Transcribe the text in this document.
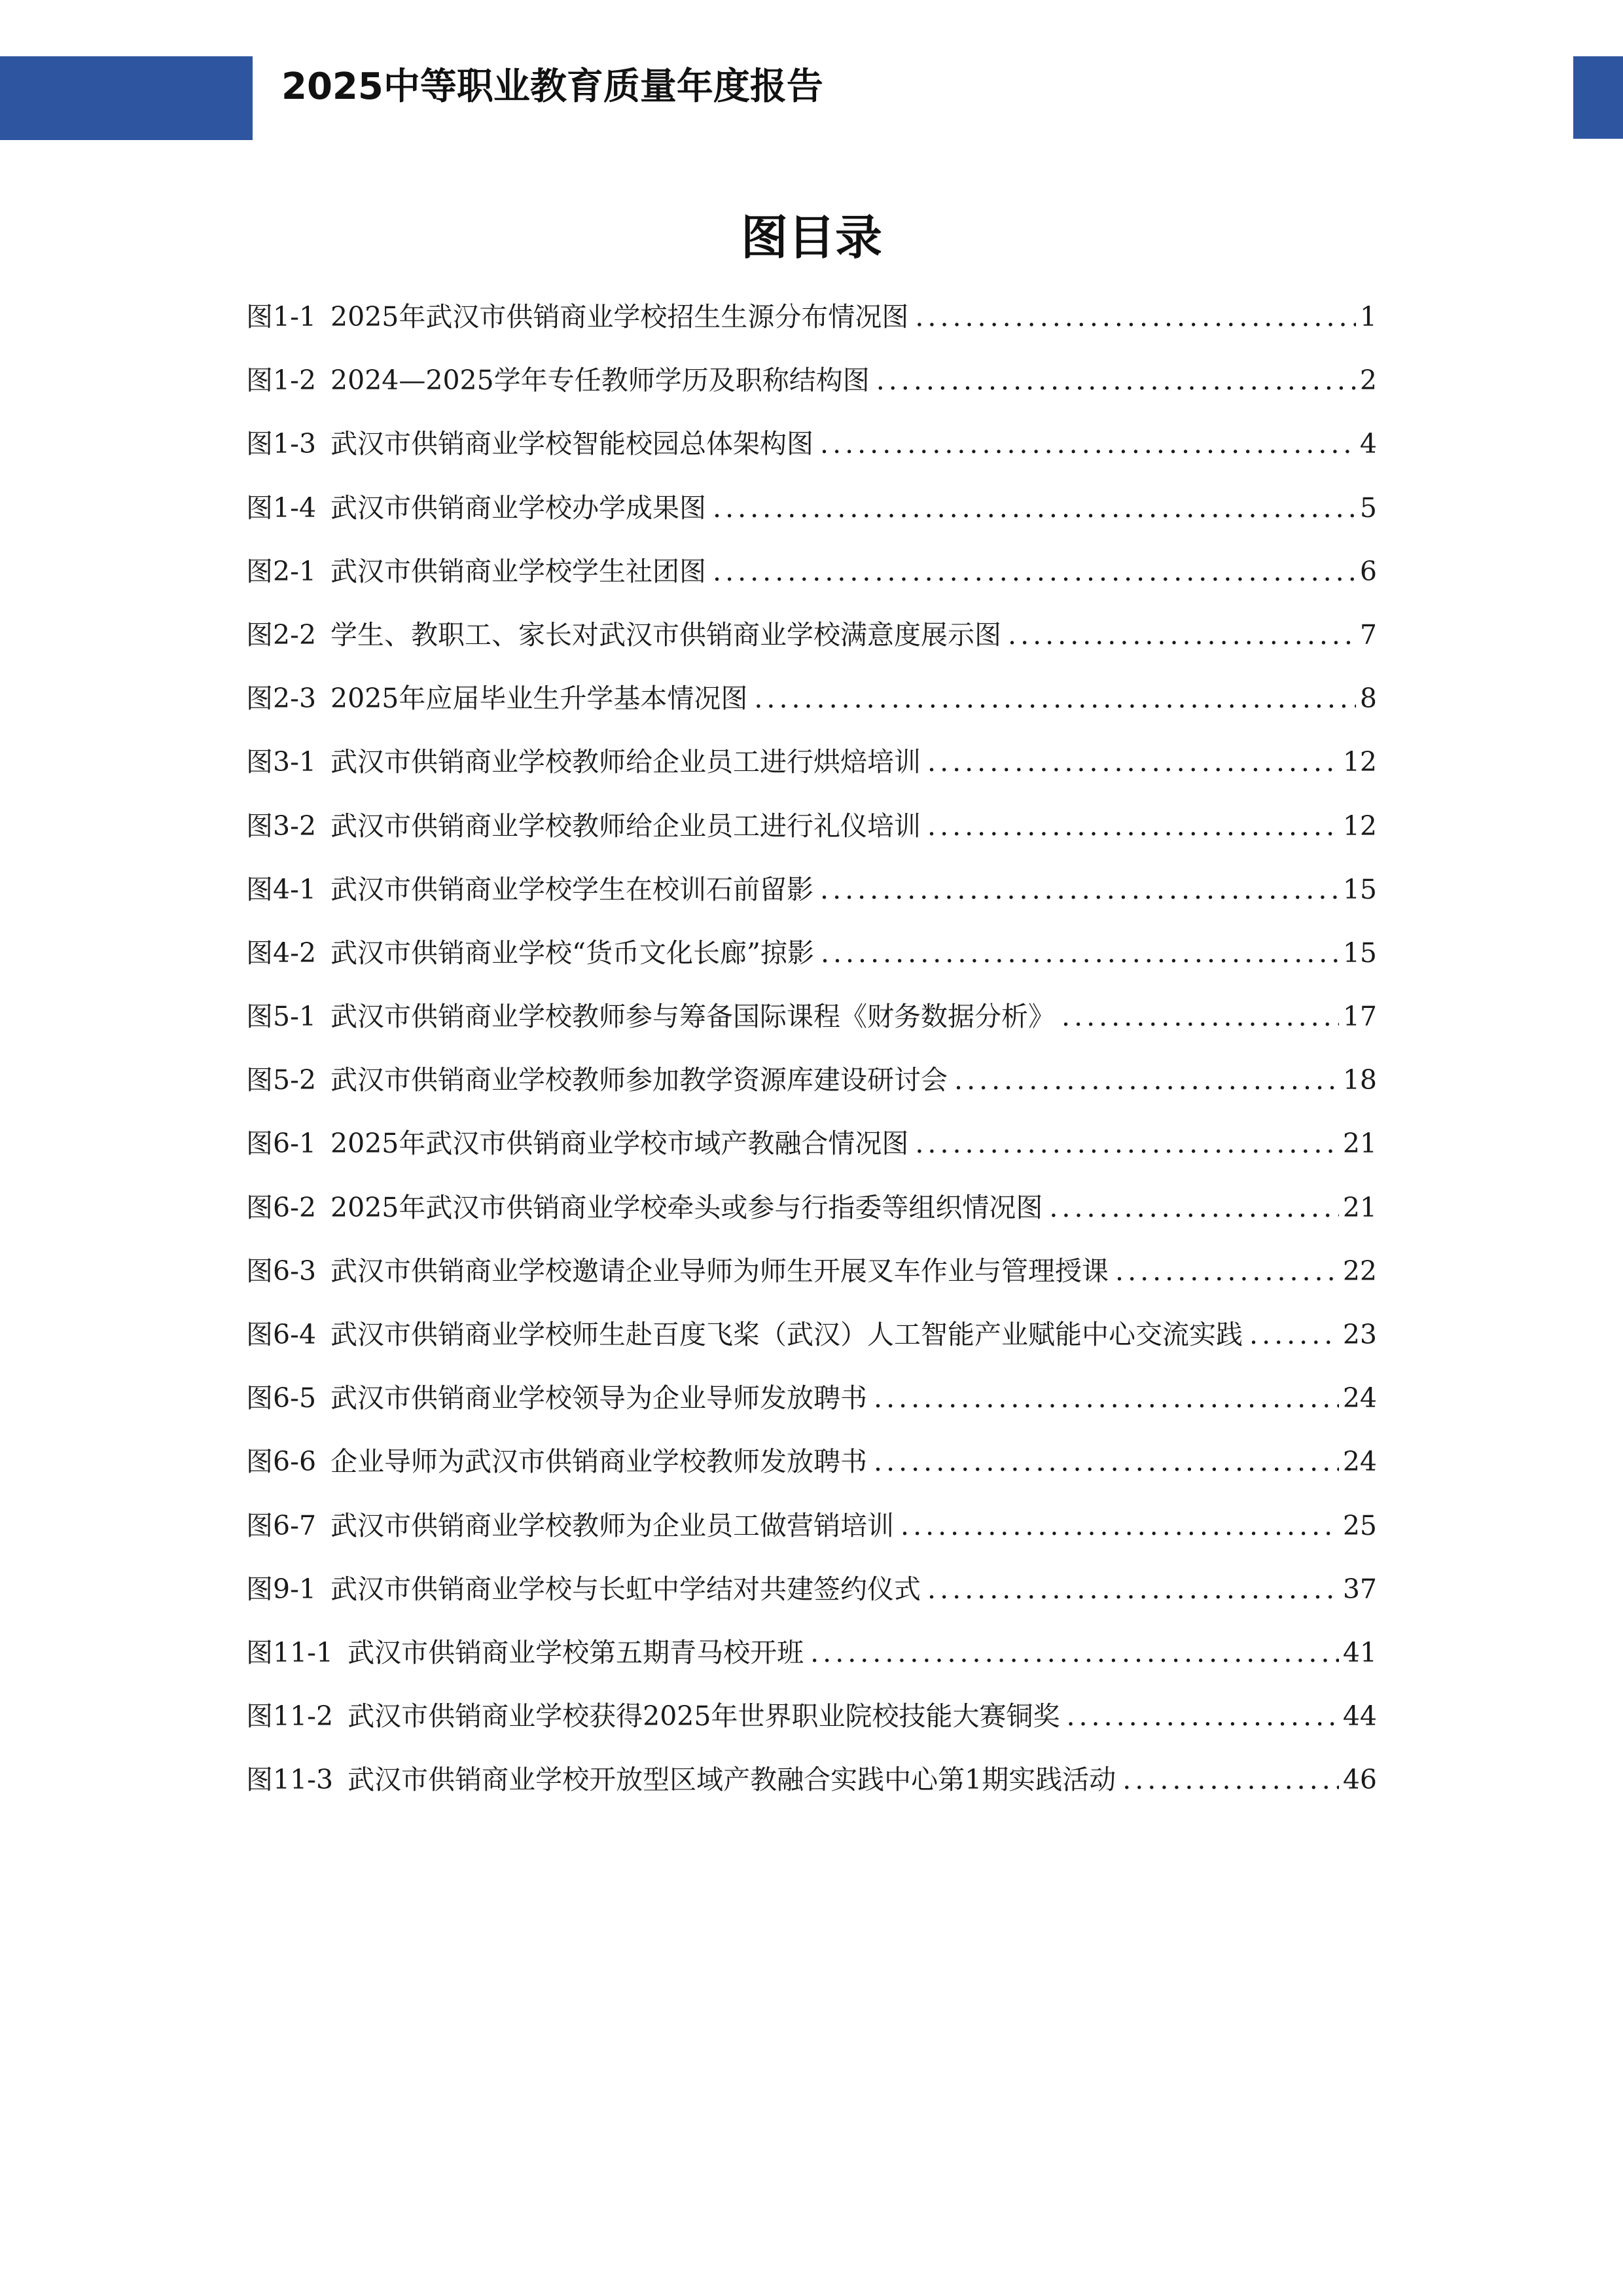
2025中等职业教育质量年度报告
图目录
图1-1 2025年武汉市供销商业学校招生生源分布情况图 .....	1
图1-2 2024—2025学年专任教师学历及职称结构图 .....	2
图1-3 武汉市供销商业学校智能校园总体架构图 .....	4
图1-4 武汉市供销商业学校办学成果图 .....	5
图2-1 武汉市供销商业学校学生社团图 .....	6
图2-2 学生、教职工、家长对武汉市供销商业学校满意度展示图 .....	7
图2-3 2025年应届毕业生升学基本情况图 .....	8
图3-1 武汉市供销商业学校教师给企业员工进行烘焙培训 .....	12
图3-2 武汉市供销商业学校教师给企业员工进行礼仪培训 .....	12
图4-1 武汉市供销商业学校学生在校训石前留影 .....	15
图4-2 武汉市供销商业学校“货币文化长廊”掠影 .....	15
图5-1 武汉市供销商业学校教师参与筹备国际课程《财务数据分析》 .....	17
图5-2 武汉市供销商业学校教师参加教学资源库建设研讨会 .....	18
图6-1 2025年武汉市供销商业学校市域产教融合情况图 .....	21
图6-2 2025年武汉市供销商业学校牵头或参与行指委等组织情况图 .....	21
图6-3 武汉市供销商业学校邀请企业导师为师生开展叉车作业与管理授课 .....	22
图6-4 武汉市供销商业学校师生赴百度飞桨（武汉）人工智能产业赋能中心交流实践 .....	23
图6-5 武汉市供销商业学校领导为企业导师发放聘书 .....	24
图6-6 企业导师为武汉市供销商业学校教师发放聘书 .....	24
图6-7 武汉市供销商业学校教师为企业员工做营销培训 .....	25
图9-1 武汉市供销商业学校与长虹中学结对共建签约仪式 .....	37
图11-1 武汉市供销商业学校第五期青马校开班 .....	41
图11-2 武汉市供销商业学校获得2025年世界职业院校技能大赛铜奖 .....	44
图11-3 武汉市供销商业学校开放型区域产教融合实践中心第1期实践活动 .....	46
